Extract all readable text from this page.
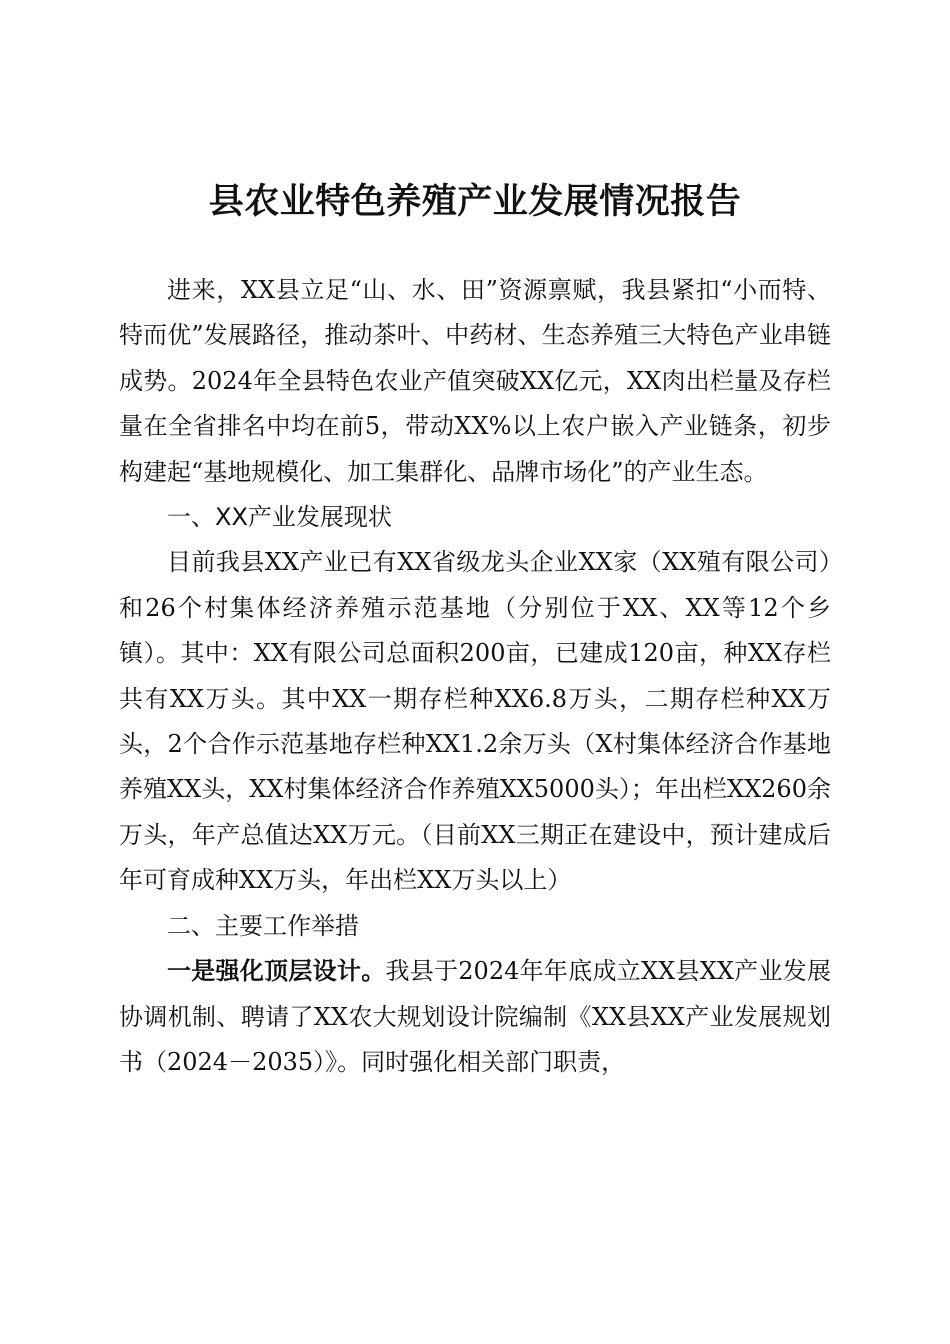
县农业特色养殖产业发展情况报告

进来，XX县立足“山、水、田”资源禀赋，我县紧扣“小而特、特而优”发展路径，推动茶叶、中药材、生态养殖三大特色产业串链成势。2024年全县特色农业产值突破XX亿元，XX肉出栏量及存栏量在全省排名中均在前5，带动XX%以上农户嵌入产业链条，初步构建起“基地规模化、加工集群化、品牌市场化”的产业生态。

一、XX产业发展现状

目前我县XX产业已有XX省级龙头企业XX家（XX殖有限公司）和26个村集体经济养殖示范基地（分别位于XX、XX等12个乡镇）。其中：XX有限公司总面积200亩，已建成120亩，种XX存栏共有XX万头。其中XX一期存栏种XX6.8万头，二期存栏种XX万头，2个合作示范基地存栏种XX1.2余万头（X村集体经济合作基地养殖XX头，XX村集体经济合作养殖XX5000头）；年出栏XX260余万头，年产总值达XX万元。（目前XX三期正在建设中，预计建成后年可育成种XX万头，年出栏XX万头以上）

二、主要工作举措

一是强化顶层设计。我县于2024年年底成立XX县XX产业发展协调机制、聘请了XX农大规划设计院编制《XX县XX产业发展规划书（2024－2035）》。同时强化相关部门职责，
